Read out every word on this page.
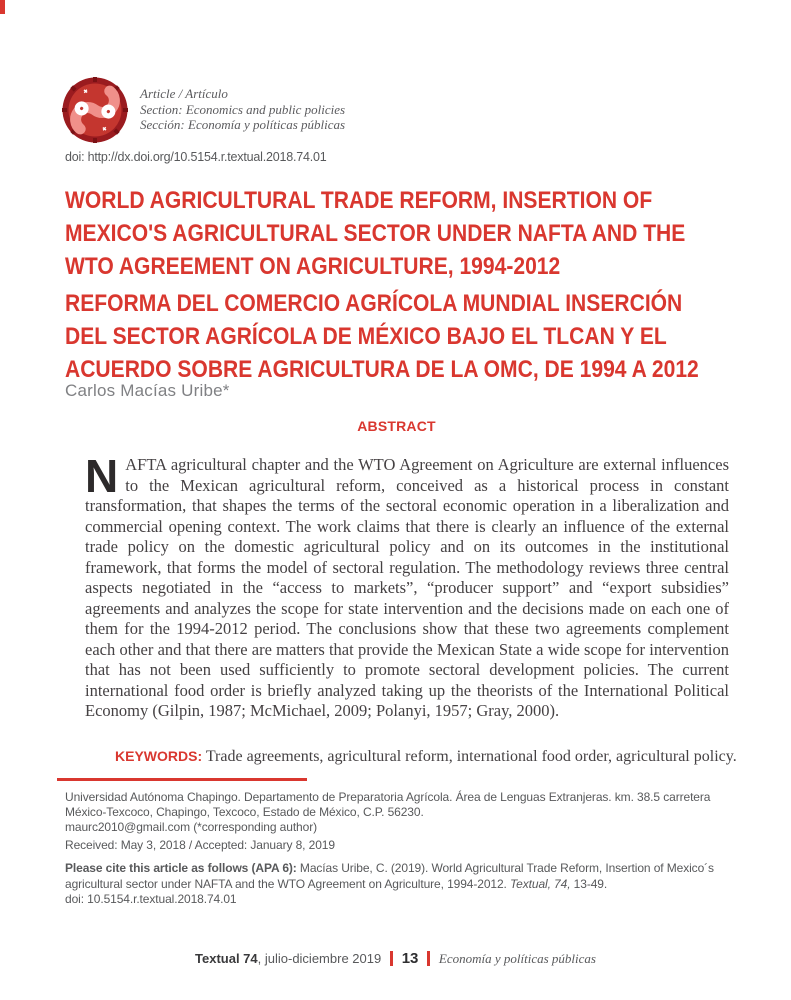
Article / Artículo
Section: Economics and public policies
Sección: Economía y políticas públicas
doi: http://dx.doi.org/10.5154.r.textual.2018.74.01
WORLD AGRICULTURAL TRADE REFORM, INSERTION OF MEXICO'S AGRICULTURAL SECTOR UNDER NAFTA AND THE WTO AGREEMENT ON AGRICULTURE, 1994-2012
REFORMA DEL COMERCIO AGRÍCOLA MUNDIAL INSERCIÓN DEL SECTOR AGRÍCOLA DE MÉXICO BAJO EL TLCAN Y EL ACUERDO SOBRE AGRICULTURA DE LA OMC, DE 1994 A 2012
Carlos Macías Uribe*
ABSTRACT
NAFTA agricultural chapter and the WTO Agreement on Agriculture are external influences to the Mexican agricultural reform, conceived as a historical process in constant transformation, that shapes the terms of the sectoral economic operation in a liberalization and commercial opening context. The work claims that there is clearly an influence of the external trade policy on the domestic agricultural policy and on its outcomes in the institutional framework, that forms the model of sectoral regulation. The methodology reviews three central aspects negotiated in the “access to markets”, “producer support” and “export subsidies” agreements and analyzes the scope for state intervention and the decisions made on each one of them for the 1994-2012 period. The conclusions show that these two agreements complement each other and that there are matters that provide the Mexican State a wide scope for intervention that has not been used sufficiently to promote sectoral development policies. The current international food order is briefly analyzed taking up the theorists of the International Political Economy (Gilpin, 1987; McMichael, 2009; Polanyi, 1957; Gray, 2000).
KEYWORDS: Trade agreements, agricultural reform, international food order, agricultural policy.
Universidad Autónoma Chapingo. Departamento de Preparatoria Agrícola. Área de Lenguas Extranjeras. km. 38.5 carretera México-Texcoco, Chapingo, Texcoco, Estado de México, C.P. 56230.
maurc2010@gmail.com (*corresponding author)
Received: May 3, 2018 / Accepted: January 8, 2019
Please cite this article as follows (APA 6): Macías Uribe, C. (2019). World Agricultural Trade Reform, Insertion of Mexico´s agricultural sector under NAFTA and the WTO Agreement on Agriculture, 1994-2012. Textual, 74, 13-49.
doi: 10.5154.r.textual.2018.74.01
Textual 74 , julio-diciembre 2019 13 Economía y políticas públicas
